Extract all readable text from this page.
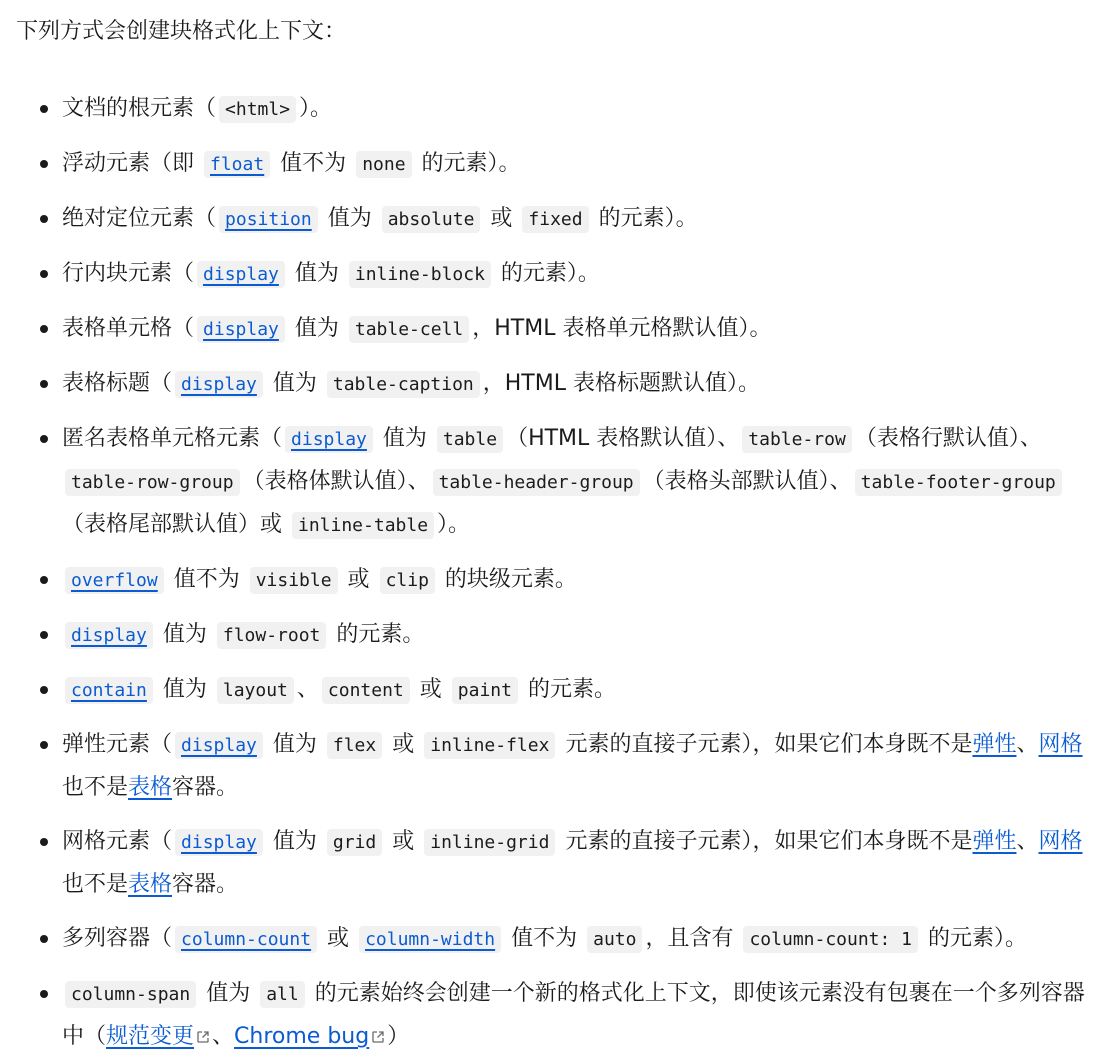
下列方式会创建块格式化上下文：

文档的根元素（ <html> ）。
浮动元素（即 float 值不为 none 的元素）。
绝对定位元素（ position 值为 absolute 或 fixed 的元素）。
行内块元素（ display 值为 inline-block 的元素）。
表格单元格（ display 值为 table-cell ，HTML 表格单元格默认值）。
表格标题（ display 值为 table-caption ，HTML 表格标题默认值）。
匿名表格单元格元素（ display 值为 table （HTML 表格默认值）、 table-row （表格行默认值）、table-row-group （表格体默认值）、 table-header-group （表格头部默认值）、 table-footer-group（表格尾部默认值）或 inline-table ）。
overflow 值不为 visible 或 clip 的块级元素。
display 值为 flow-root 的元素。
contain 值为 layout 、 content 或 paint 的元素。
弹性元素（ display 值为 flex 或 inline-flex 元素的直接子元素），如果它们本身既不是弹性、网格也不是表格容器。
网格元素（ display 值为 grid 或 inline-grid 元素的直接子元素），如果它们本身既不是弹性、网格也不是表格容器。
多列容器（ column-count 或 column-width 值不为 auto ，且含有 column-count: 1 的元素）。
column-span 值为 all 的元素始终会创建一个新的格式化上下文，即使该元素没有包裹在一个多列容器中（规范变更 、Chrome bug ）
